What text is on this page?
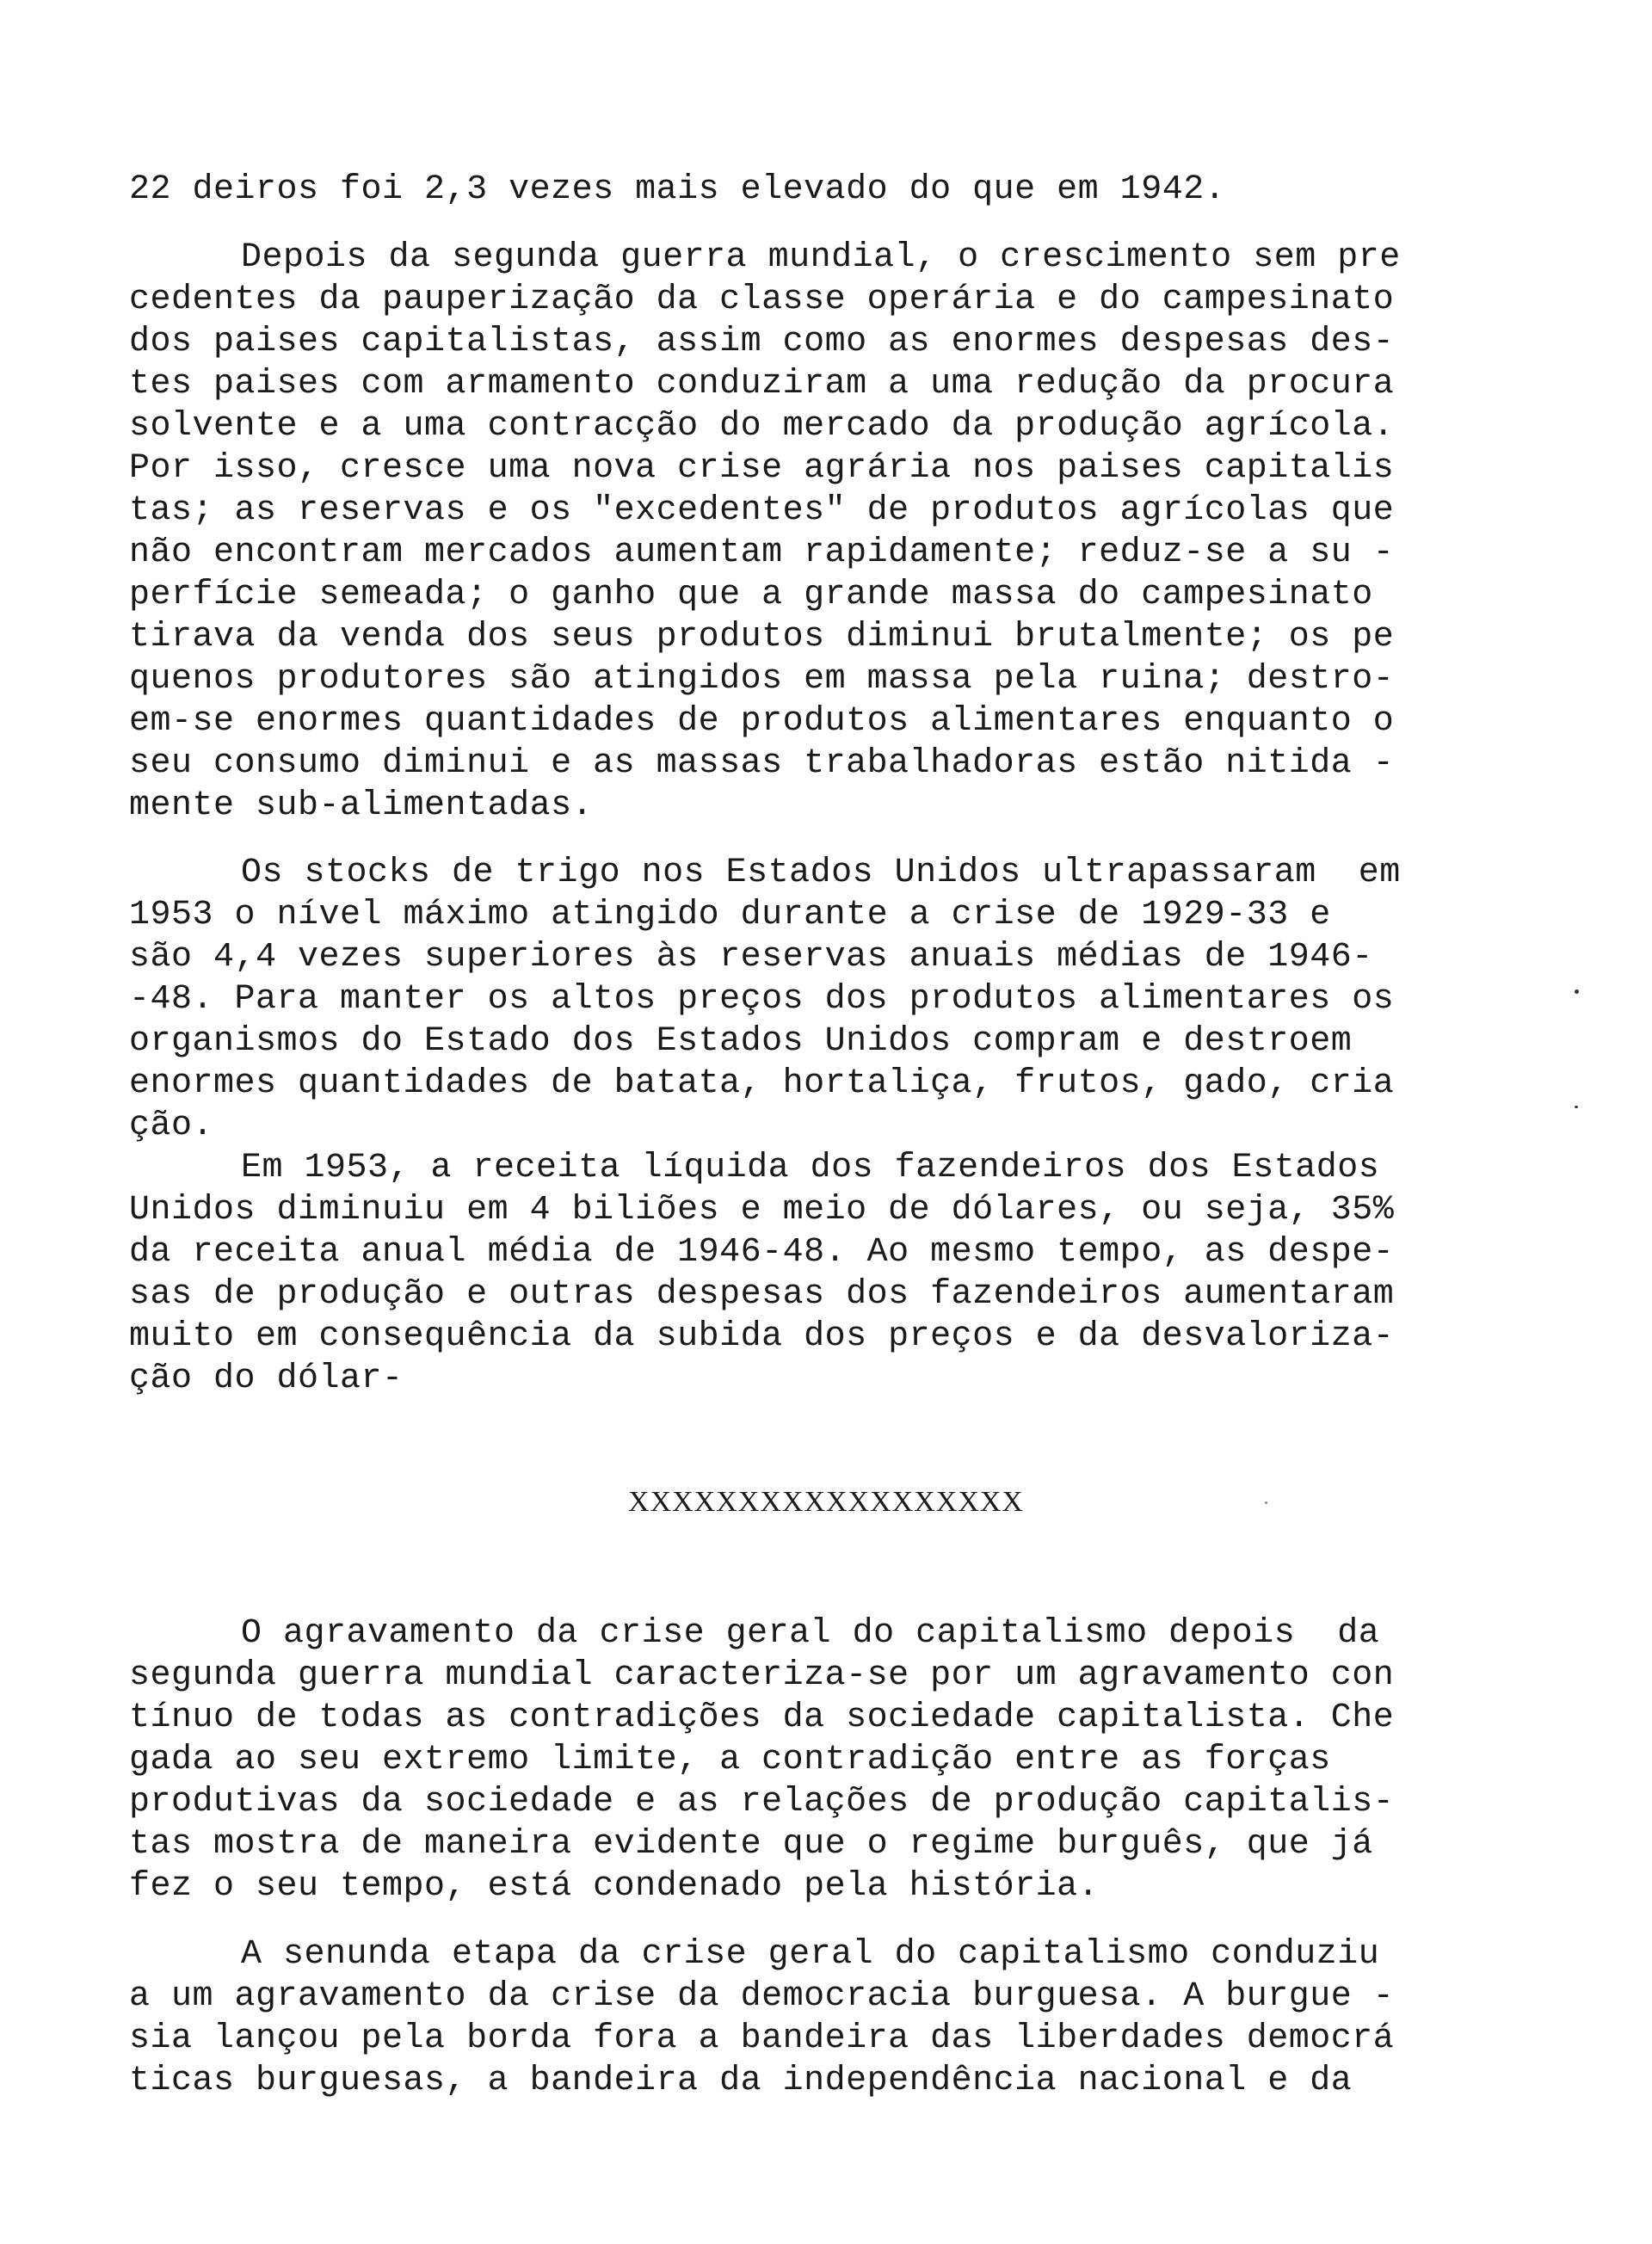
22 deiros foi 2,3 vezes mais elevado do que em 1942.
Depois da segunda guerra mundial, o crescimento sem pre
cedentes da pauperização da classe operária e do campesinato
dos paises capitalistas, assim como as enormes despesas des-
tes paises com armamento conduziram a uma redução da procura
solvente e a uma contracção do mercado da produção agrícola.
Por isso, cresce uma nova crise agrária nos paises capitalis
tas; as reservas e os "excedentes" de produtos agrícolas que
não encontram mercados aumentam rapidamente; reduz-se a su -
perfície semeada; o ganho que a grande massa do campesinato
tirava da venda dos seus produtos diminui brutalmente; os pe
quenos produtores são atingidos em massa pela ruina; destro-
em-se enormes quantidades de produtos alimentares enquanto o
seu consumo diminui e as massas trabalhadoras estão nitida -
mente sub-alimentadas.
Os stocks de trigo nos Estados Unidos ultrapassaram  em
1953 o nível máximo atingido durante a crise de 1929-33 e
são 4,4 vezes superiores às reservas anuais médias de 1946-
-48. Para manter os altos preços dos produtos alimentares os
organismos do Estado dos Estados Unidos compram e destroem
enormes quantidades de batata, hortaliça, frutos, gado, cria
ção.
Em 1953, a receita líquida dos fazendeiros dos Estados
Unidos diminuiu em 4 biliões e meio de dólares, ou seja, 35%
da receita anual média de 1946-48. Ao mesmo tempo, as despe-
sas de produção e outras despesas dos fazendeiros aumentaram
muito em consequência da subida dos preços e da desvaloriza-
ção do dólar-
XXXXXXXXXXXXXXXXXX
O agravamento da crise geral do capitalismo depois  da
segunda guerra mundial caracteriza-se por um agravamento con
tínuo de todas as contradições da sociedade capitalista. Che
gada ao seu extremo limite, a contradição entre as forças
produtivas da sociedade e as relações de produção capitalis-
tas mostra de maneira evidente que o regime burguês, que já
fez o seu tempo, está condenado pela história.
A senunda etapa da crise geral do capitalismo conduziu
a um agravamento da crise da democracia burguesa. A burgue -
sia lançou pela borda fora a bandeira das liberdades democrá
ticas burguesas, a bandeira da independência nacional e da
